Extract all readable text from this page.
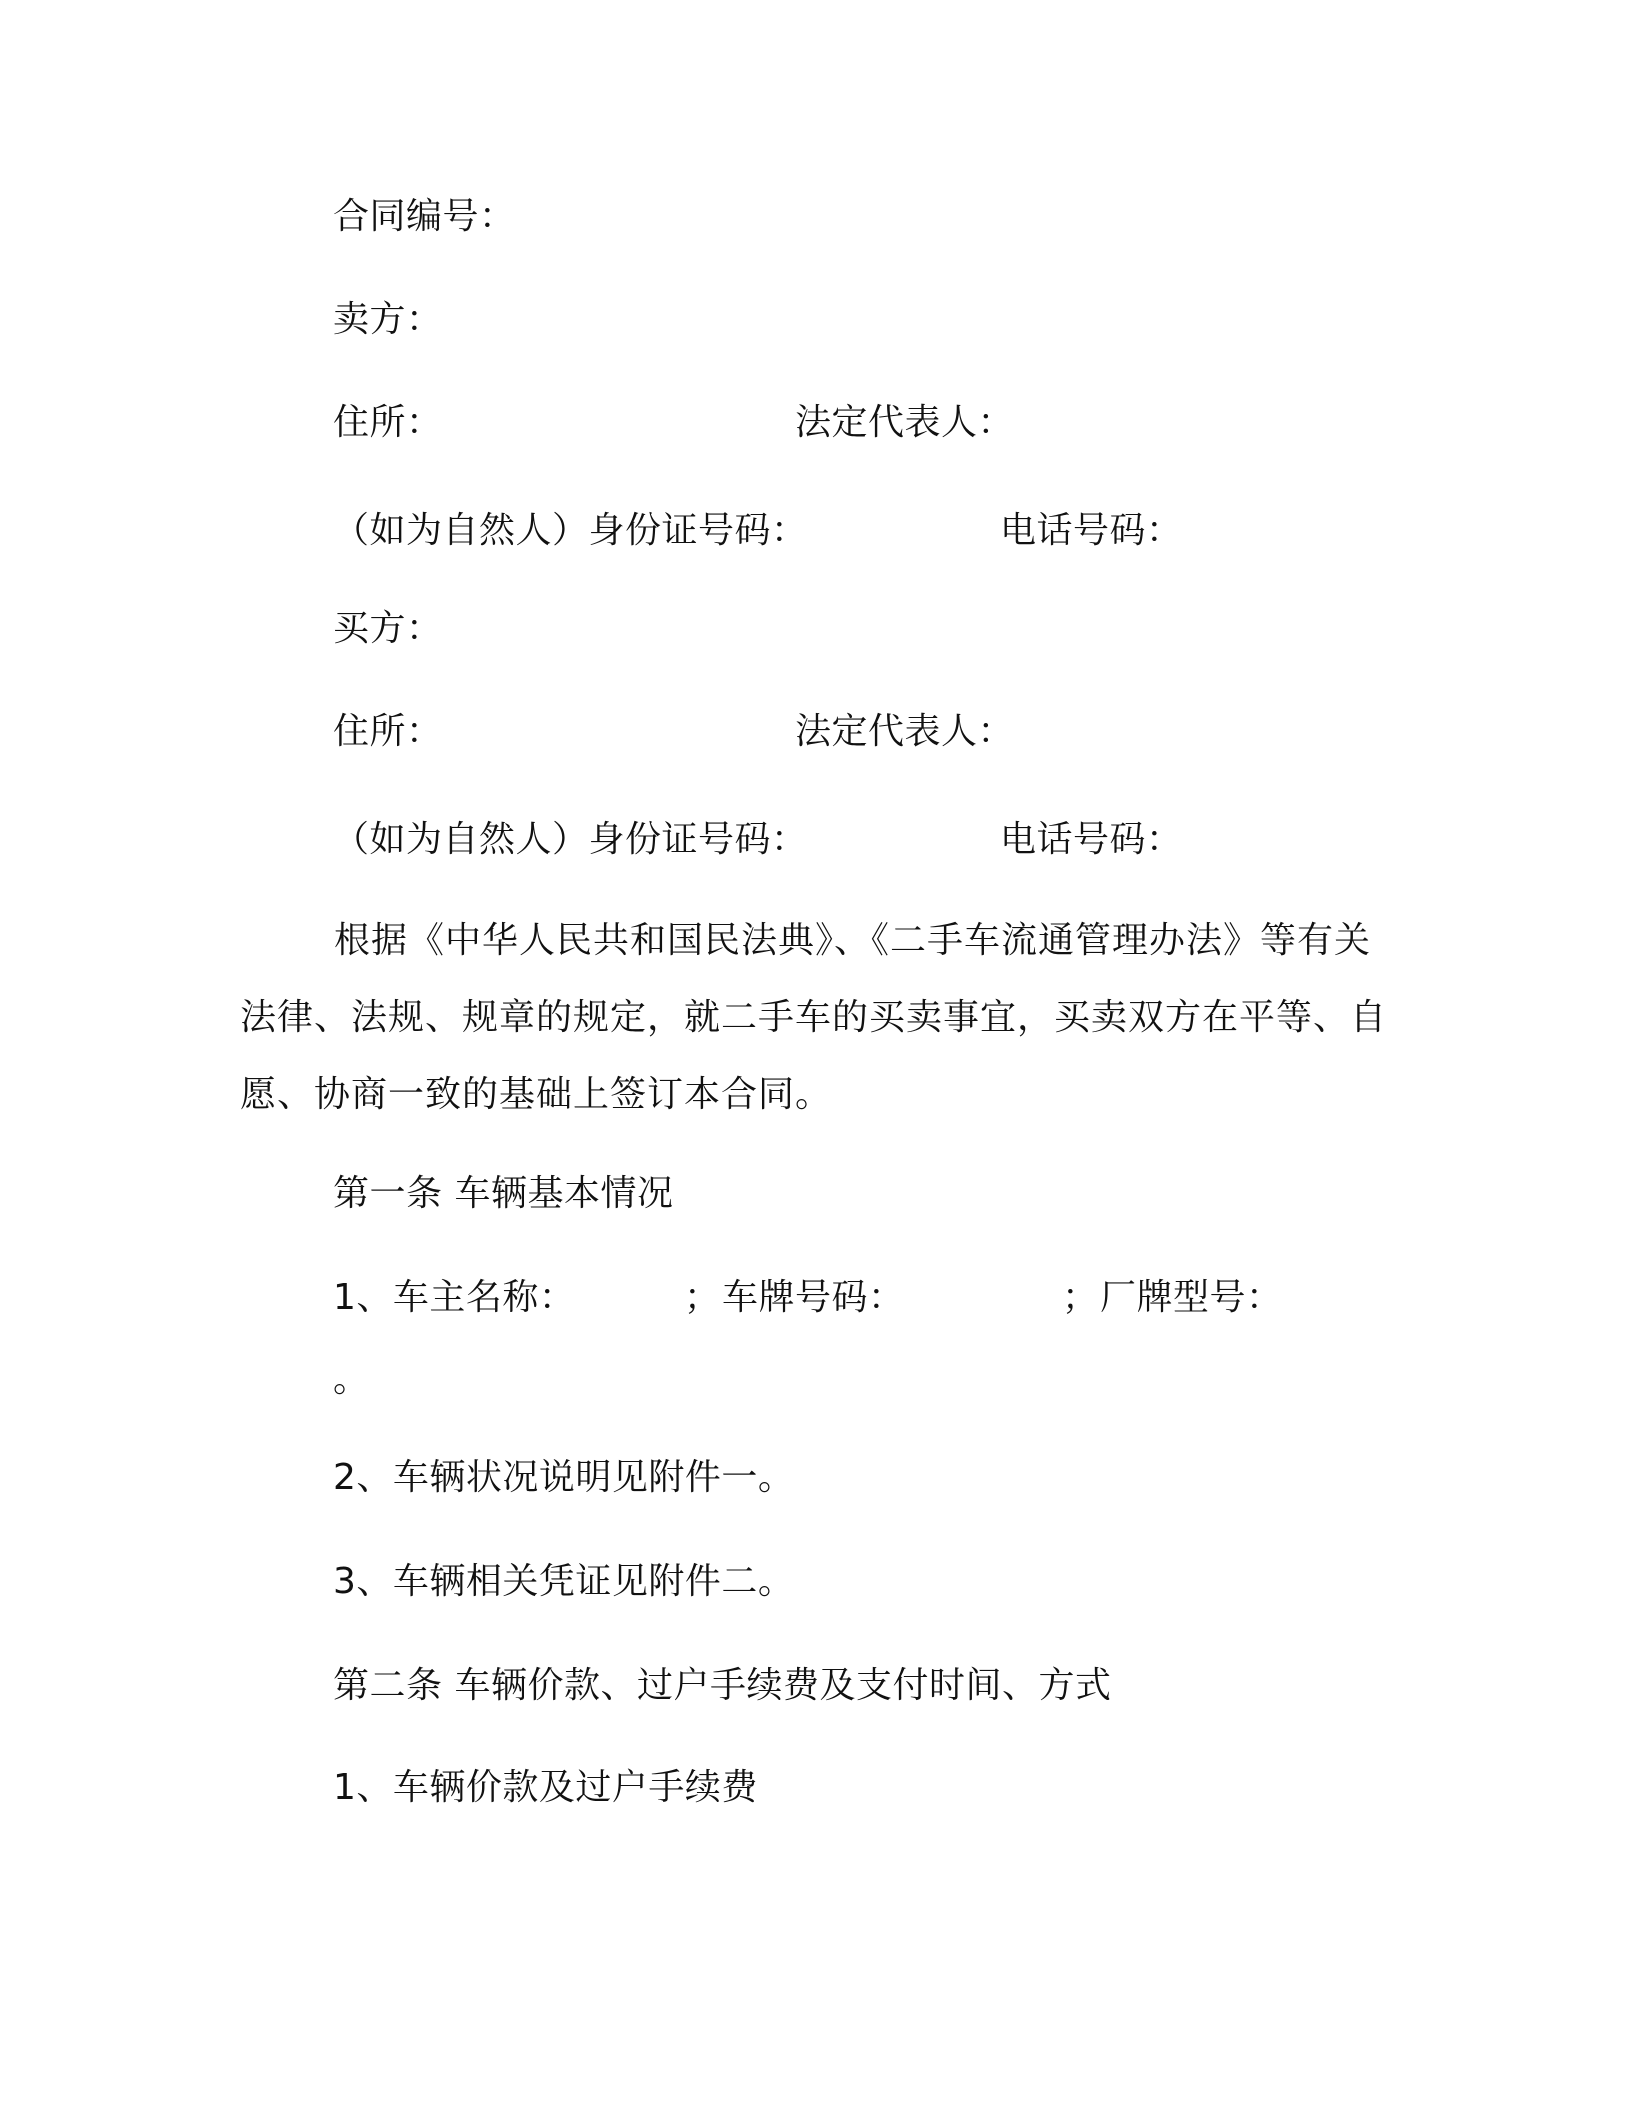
合同编号：
卖方：
住所：	法定代表人：
（如为自然人）身份证号码：	电话号码：
买方：
住所：	法定代表人：
（如为自然人）身份证号码：	电话号码：
根据《中华人民共和国民法典》、《二手车流通管理办法》等有关法律、法规、规章的规定，就二手车的买卖事宜，买卖双方在平等、自愿、协商一致的基础上签订本合同。
第一条 车辆基本情况
1、车主名称：	； 车牌号码：	； 厂牌型号：
。
2、车辆状况说明见附件一。
3、车辆相关凭证见附件二。
第二条 车辆价款、过户手续费及支付时间、方式
1、车辆价款及过户手续费
